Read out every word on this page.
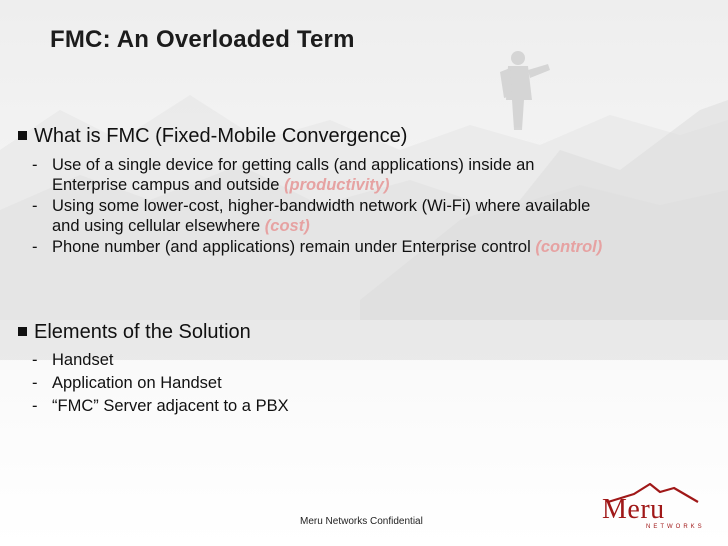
FMC: An Overloaded Term
What is FMC (Fixed-Mobile Convergence)
- Use of a single device for getting calls (and applications) inside an
Enterprise campus and outside (productivity)
- Using some lower-cost, higher-bandwidth network (Wi-Fi) where available
and using cellular elsewhere (cost)
- Phone number (and applications) remain under Enterprise control (control)
Elements of the Solution
- Handset
- Application on Handset
- “FMC” Server adjacent to a PBX
Meru Networks Confidential	Meru
NETWORKS
